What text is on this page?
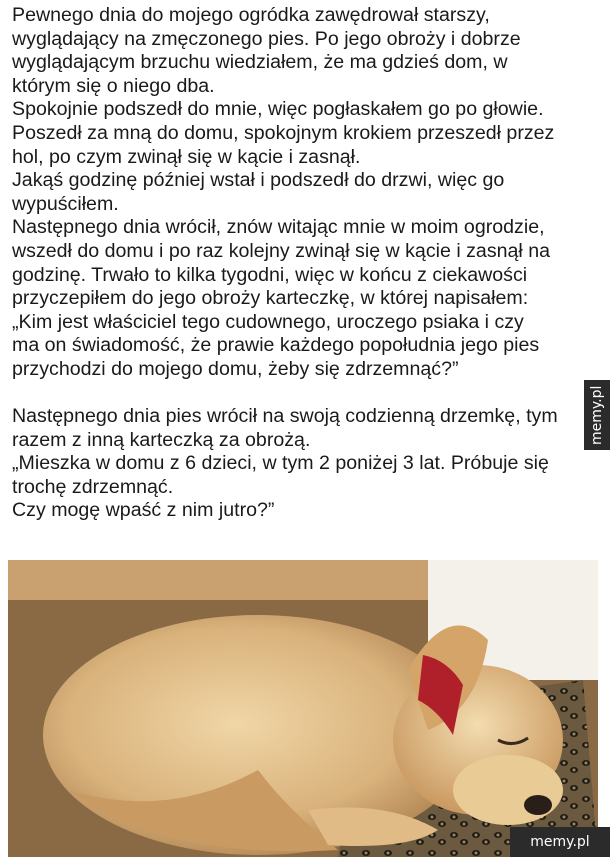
Pewnego dnia do mojego ogródka zawędrował starszy,
wyglądający na zmęczonego pies. Po jego obroży i dobrze
wyglądającym brzuchu wiedziałem, że ma gdzieś dom, w
którym się o niego dba.

Spokojnie podszedł do mnie, więc pogłaskałem go po głowie.
Poszedł za mną do domu, spokojnym krokiem przeszedł przez
hol, po czym zwinął się w kącie i zasnął.

Jakąś godzinę później wstał i podszedł do drzwi, więc go
wypuściłem.

Następnego dnia wrócił, znów witając mnie w moim ogrodzie,
wszedł do domu i po raz kolejny zwinął się w kącie i zasnął na
godzinę. Trwało to kilka tygodni, więc w końcu z ciekawości
przyczepiłem do jego obroży karteczkę, w której napisałem:
„Kim jest właściciel tego cudownego, uroczego psiaka i czy
ma on świadomość, że prawie każdego popołudnia jego pies
przychodzi do mojego domu, żeby się zdrzemnąć?”

Następnego dnia pies wrócił na swoją codzienną drzemkę, tym
razem z inną karteczką za obrożą.
„Mieszka w domu z 6 dzieci, w tym 2 poniżej 3 lat. Próbuje się
trochę zdrzemnąć.
Czy mogę wpaść z nim jutro?”

memy.pl
memy.pl
